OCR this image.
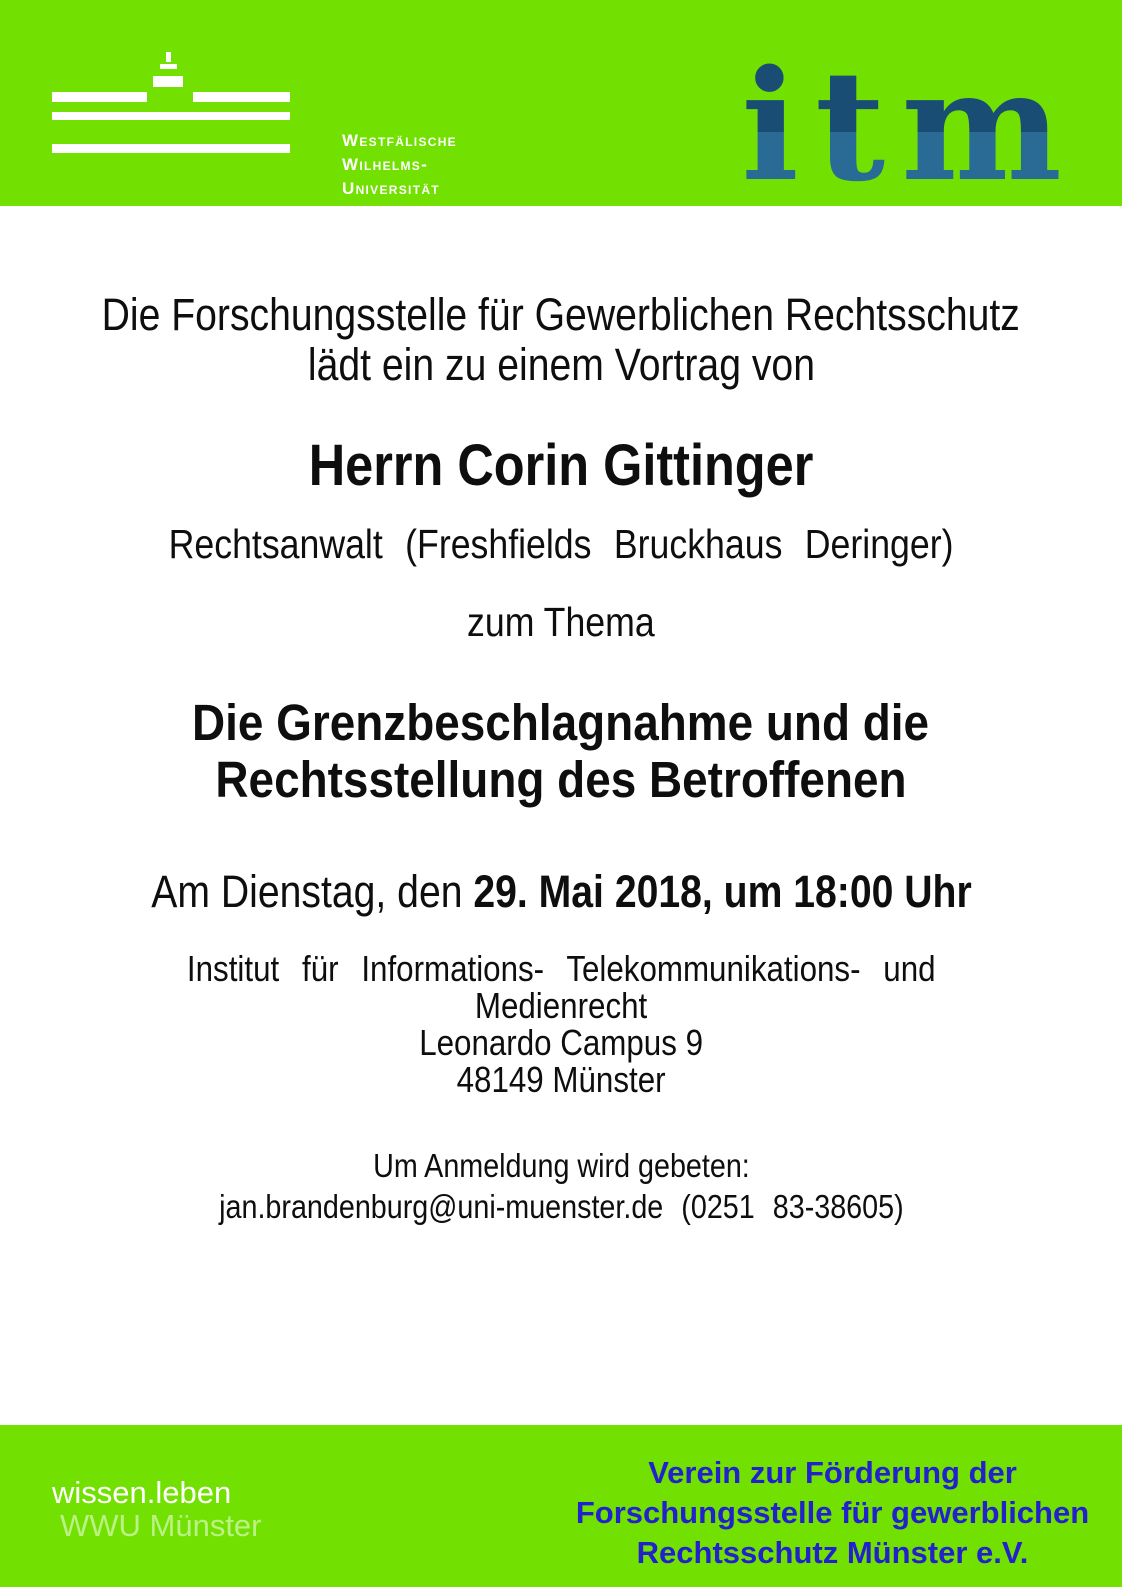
Westfälische
Wilhelms-Universität
Münster itm
Die Forschungsstelle für Gewerblichen Rechtsschutz
lädt ein zu einem Vortrag von
Herrn Corin Gittinger
Rechtsanwalt (Freshfields Bruckhaus Deringer)
zum Thema
Die Grenzbeschlagnahme und die
Rechtsstellung des Betroffenen
Am Dienstag, den 29. Mai 2018, um 18:00 Uhr
Institut für Informations- Telekommunikations- und
Medienrecht
Leonardo Campus 9
48149 Münster
Um Anmeldung wird gebeten:
jan.brandenburg@uni-muenster.de (0251 83-38605)
wissen.leben
WWU Münster
Verein zur Förderung der
Forschungsstelle für gewerblichen
Rechtsschutz Münster e.V.
